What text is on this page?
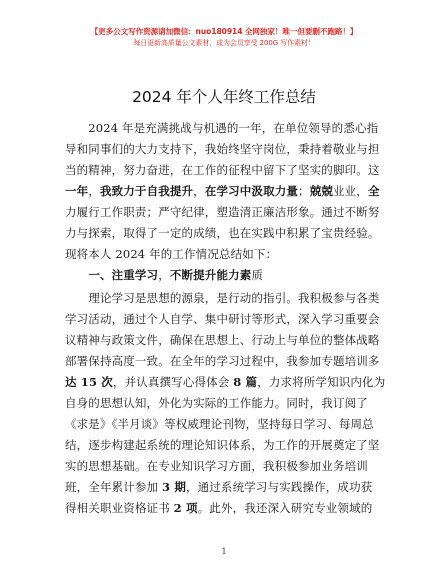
【更多公文写作资源请加微信：nuo180914 全网独家！唯一但要删不跑路！】
每日更新高质量公文素材，成为会员享受 200G 写作素材！
2024 年个人年终工作总结
　　2024 年是充满挑战与机遇的一年，在单位领导的悉心指
导和同事们的大力支持下，我始终坚守岗位，秉持着敬业与担
当的精神，努力奋进，在工作的征程中留下了坚实的脚印。这
一年，我致力于自我提升，在学习中汲取力量；兢兢业业，全
力履行工作职责；严守纪律，塑造清正廉洁形象。通过不断努
力与探索，取得了一定的成绩，也在实践中积累了宝贵经验。
现将本人 2024 年的工作情况总结如下：
　　一、注重学习，不断提升能力素质
　　理论学习是思想的源泉，是行动的指引。我积极参与各类
学习活动，通过个人自学、集中研讨等形式，深入学习重要会
议精神与政策文件，确保在思想上、行动上与单位的整体战略
部署保持高度一致。在全年的学习过程中，我参加专题培训多
达 15 次，并认真撰写心得体会 8 篇，力求将所学知识内化为
自身的思想认知，外化为实际的工作能力。同时，我订阅了
《求是》《半月谈》等权威理论刊物，坚持每日学习、每周总
结，逐步构建起系统的理论知识体系，为工作的开展奠定了坚
实的思想基础。在专业知识学习方面，我积极参加业务培训
班，全年累计参加 3 期，通过系统学习与实践操作，成功获
得相关职业资格证书 2 项。此外，我还深入研究专业领域的
1
